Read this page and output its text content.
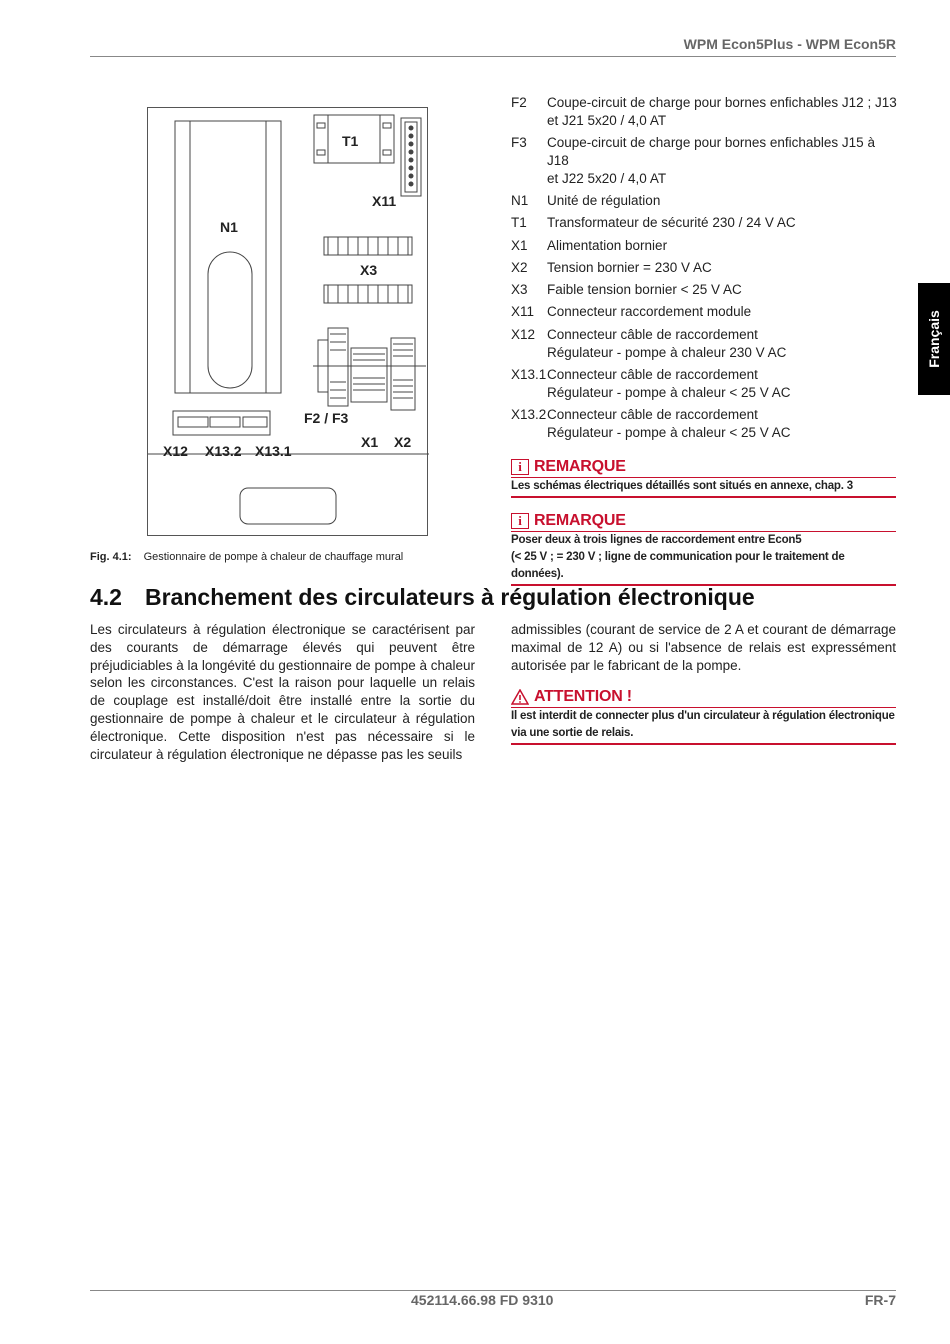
WPM Econ5Plus - WPM Econ5R
Français
N1
T1
X11
X3
F2 / F3
X1 X2
X12 X13.2 X13.1
Fig. 4.1: Gestionnaire de pompe à chaleur de chauffage mural
F2	Coupe-circuit de charge pour bornes enfichables J12 ; J13
et J21 5x20 / 4,0 AT
F3	Coupe-circuit de charge pour bornes enfichables J15 à
J18
et J22 5x20 / 4,0 AT
N1	Unité de régulation
T1	Transformateur de sécurité 230 / 24 V AC
X1	Alimentation bornier
X2	Tension bornier = 230 V AC
X3	Faible tension bornier < 25 V AC
X11 Connecteur raccordement module
X12 Connecteur câble de raccordement
Régulateur - pompe à chaleur 230 V AC
X13.1 Connecteur câble de raccordement
Régulateur - pompe à chaleur < 25 V AC
X13.2 Connecteur câble de raccordement
Régulateur - pompe à chaleur < 25 V AC
i REMARQUE
Les schémas électriques détaillés sont situés en annexe, chap. 3
i REMARQUE
Poser deux à trois lignes de raccordement entre Econ5
(< 25 V ; = 230 V ; ligne de communication pour le traitement de données).
4.2 Branchement des circulateurs à régulation électronique
Les circulateurs à régulation électronique se caractérisent par des courants de démarrage élevés qui peuvent être préjudiciables à la longévité du gestionnaire de pompe à chaleur selon les circonstances. C'est la raison pour laquelle un relais de couplage est installé/doit être installé entre la sortie du gestionnaire de pompe à chaleur et le circulateur à régulation électronique. Cette disposition n'est pas nécessaire si le circulateur à régulation électronique ne dépasse pas les seuils
admissibles (courant de service de 2 A et courant de démarrage maximal de 12 A) ou si l'absence de relais est expressément autorisée par le fabricant de la pompe.
ATTENTION !
Il est interdit de connecter plus d'un circulateur à régulation électronique
via une sortie de relais.
452114.66.98 FD 9310	FR-7
